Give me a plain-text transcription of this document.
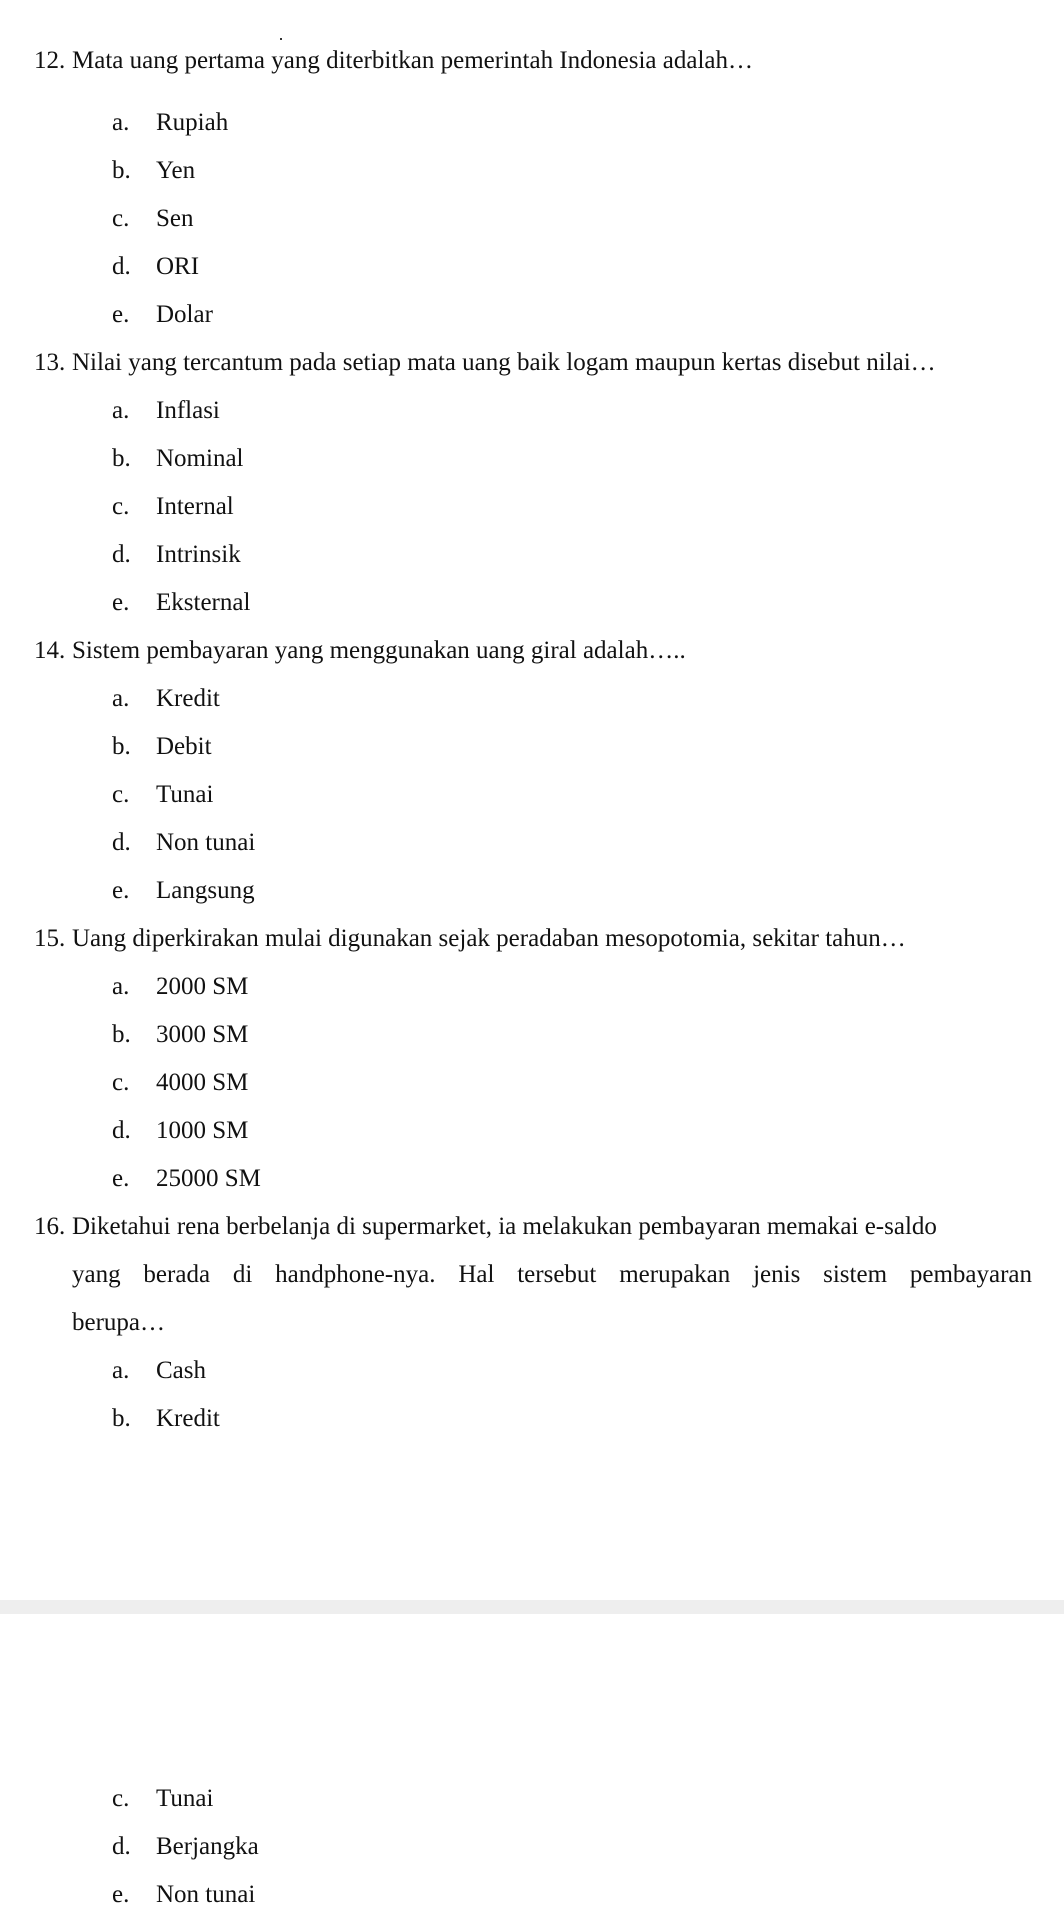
12. Mata uang pertama yang diterbitkan pemerintah Indonesia adalah…
a. Rupiah
b. Yen
c. Sen
d. ORI
e. Dolar
13. Nilai yang tercantum pada setiap mata uang baik logam maupun kertas disebut nilai…
a. Inflasi
b. Nominal
c. Internal
d. Intrinsik
e. Eksternal
14. Sistem pembayaran yang menggunakan uang giral adalah…..
a. Kredit
b. Debit
c. Tunai
d. Non tunai
e. Langsung
15. Uang diperkirakan mulai digunakan sejak peradaban mesopotomia, sekitar tahun…
a. 2000 SM
b. 3000 SM
c. 4000 SM
d. 1000 SM
e. 25000 SM
16. Diketahui rena berbelanja di supermarket, ia melakukan pembayaran memakai e-saldo
yang berada di handphone-nya. Hal tersebut merupakan jenis sistem pembayaran
berupa…
a. Cash
b. Kredit
c. Tunai
d. Berjangka
e. Non tunai
